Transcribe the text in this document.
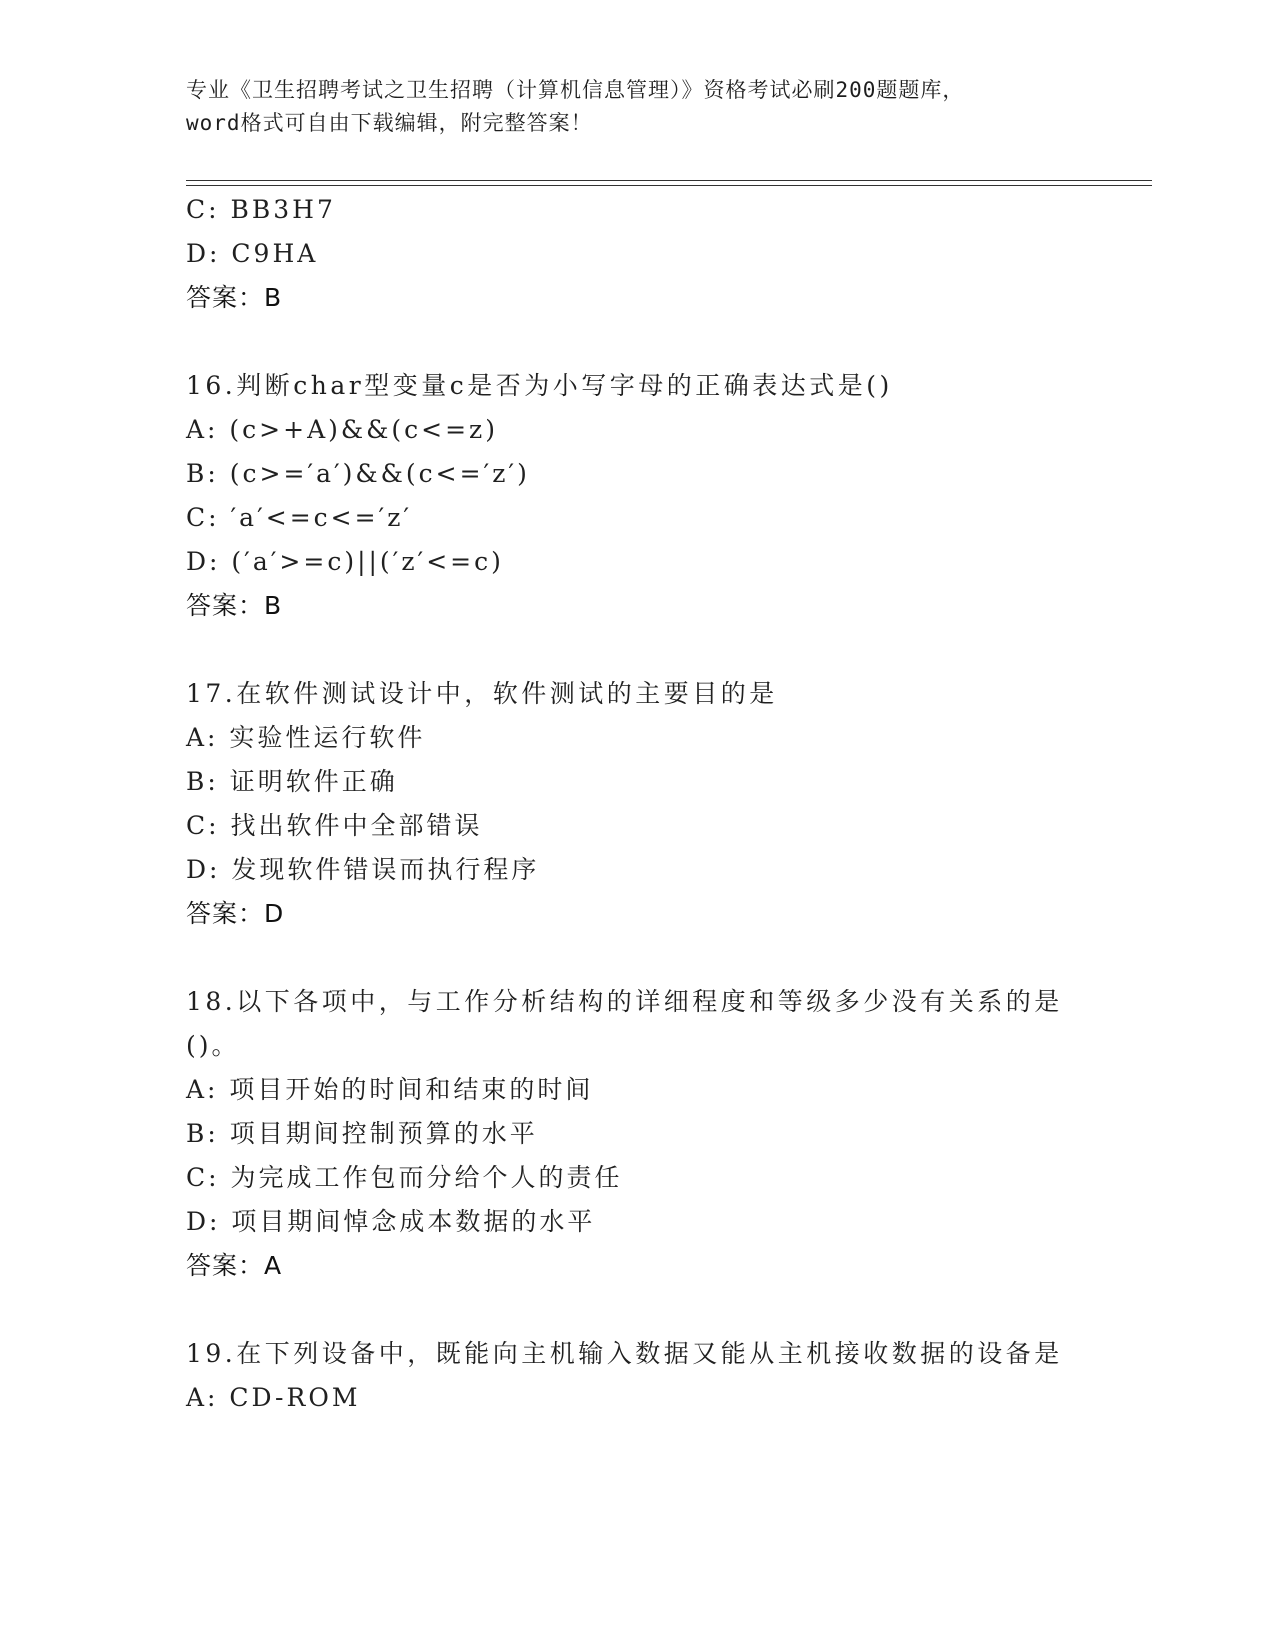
专业《卫生招聘考试之卫生招聘（计算机信息管理）》资格考试必刷200题题库，
word格式可自由下载编辑，附完整答案！
C: BB3H7
D: C9HA
答案：B
16.判断char型变量c是否为小写字母的正确表达式是()
A: (c>+A)&&(c<=z)
B: (c>=′a′)&&(c<=′z′)
C: ′a′<=c<=′z′
D: (′a′>=c)||(′z′<=c)
答案：B
17.在软件测试设计中，软件测试的主要目的是
A: 实验性运行软件
B: 证明软件正确
C: 找出软件中全部错误
D: 发现软件错误而执行程序
答案：D
18.以下各项中，与工作分析结构的详细程度和等级多少没有关系的是
()。
A: 项目开始的时间和结束的时间
B: 项目期间控制预算的水平
C: 为完成工作包而分给个人的责任
D: 项目期间悼念成本数据的水平
答案：A
19.在下列设备中，既能向主机输入数据又能从主机接收数据的设备是
A: CD-ROM
